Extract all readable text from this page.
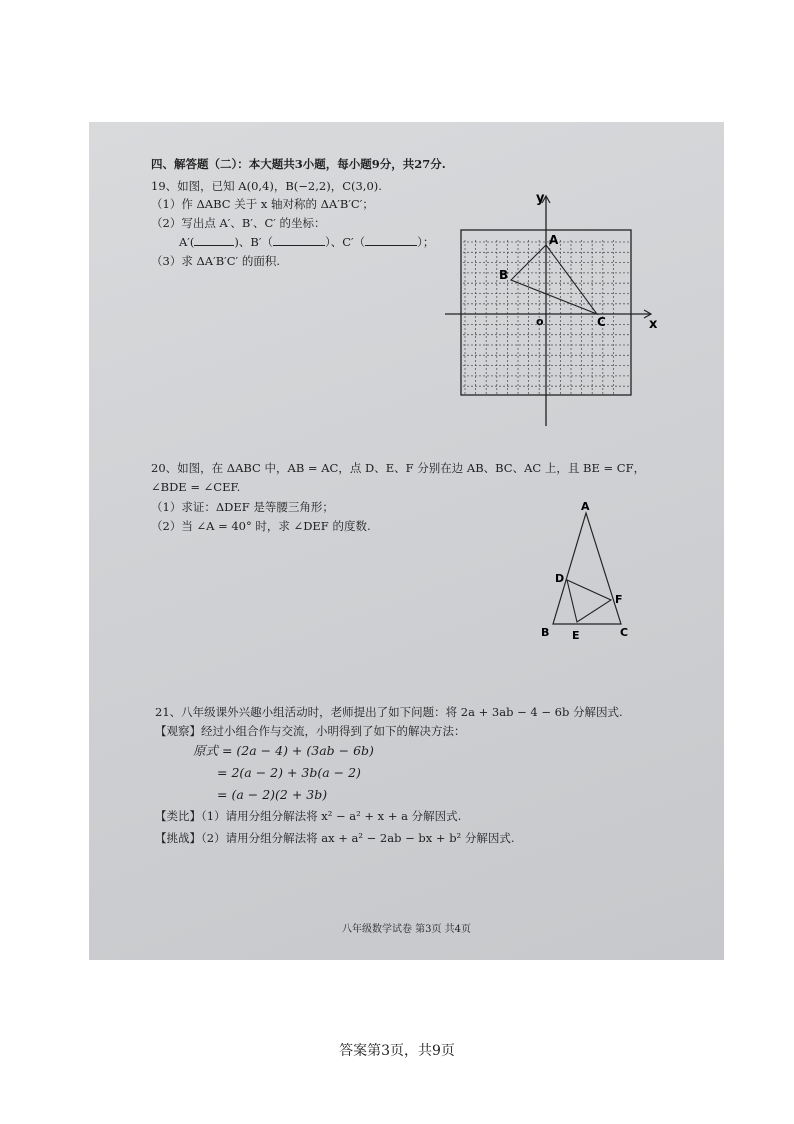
四、解答题（二）：本大题共3小题，每小题9分，共27分.
19、如图，已知 A(0,4)，B(−2,2)，C(3,0).
（1）作 ΔABC 关于 x 轴对称的 ΔA′B′C′；
（2）写出点 A′、B′、C′ 的坐标：
A′(	)、B′（	）、C′（	）；
（3）求 ΔA′B′C′ 的面积.
y
x
o
A
B
C
20、如图，在 ΔABC 中，AB = AC，点 D、E、F 分别在边 AB、BC、AC 上，且 BE = CF，
∠BDE = ∠CEF.
（1）求证：ΔDEF 是等腰三角形；
（2）当 ∠A = 40° 时，求 ∠DEF 的度数.
A
B	C
D
E
F
21、八年级课外兴趣小组活动时，老师提出了如下问题：将 2a + 3ab − 4 − 6b 分解因式.
【观察】经过小组合作与交流，小明得到了如下的解决方法：
原式 = (2a − 4) + (3ab − 6b)
= 2(a − 2) + 3b(a − 2)
= (a − 2)(2 + 3b)
【类比】（1）请用分组分解法将 x² − a² + x + a 分解因式.
【挑战】（2）请用分组分解法将 ax + a² − 2ab − bx + b² 分解因式.
八年级数学试卷 第3页 共4页
答案第3页，共9页
